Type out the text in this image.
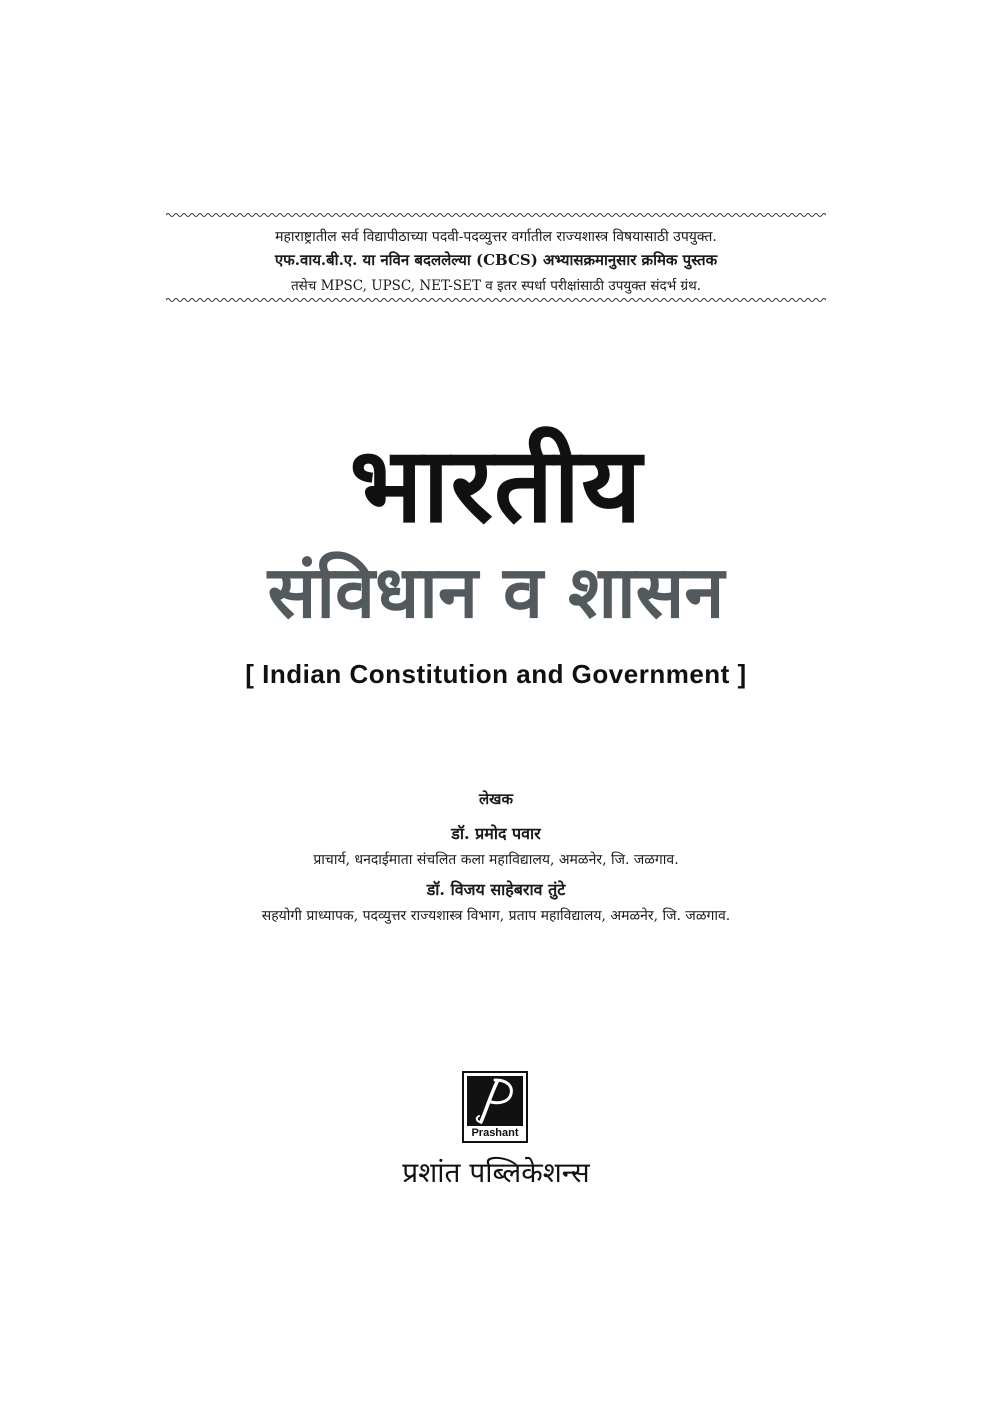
महाराष्ट्रातील सर्व विद्यापीठाच्या पदवी-पदव्युत्तर वर्गातील राज्यशास्त्र विषयासाठी उपयुक्त.
एफ.वाय.बी.ए. या नविन बदललेल्या (CBCS) अभ्यासक्रमानुसार क्रमिक पुस्तक
तसेच MPSC, UPSC, NET-SET व इतर स्पर्धा परीक्षांसाठी उपयुक्त संदर्भ ग्रंथ.
भारतीय
संविधान व शासन
[ Indian Constitution and Government ]
लेखक
डॉ. प्रमोद पवार
प्राचार्य, धनदाईमाता संचलित कला महाविद्यालय, अमळनेर, जि. जळगाव.
डॉ. विजय साहेबराव तुंटे
सहयोगी प्राध्यापक, पदव्युत्तर राज्यशास्त्र विभाग, प्रताप महाविद्यालय, अमळनेर, जि. जळगाव.
Prashant
प्रशांत पब्लिकेशन्स
